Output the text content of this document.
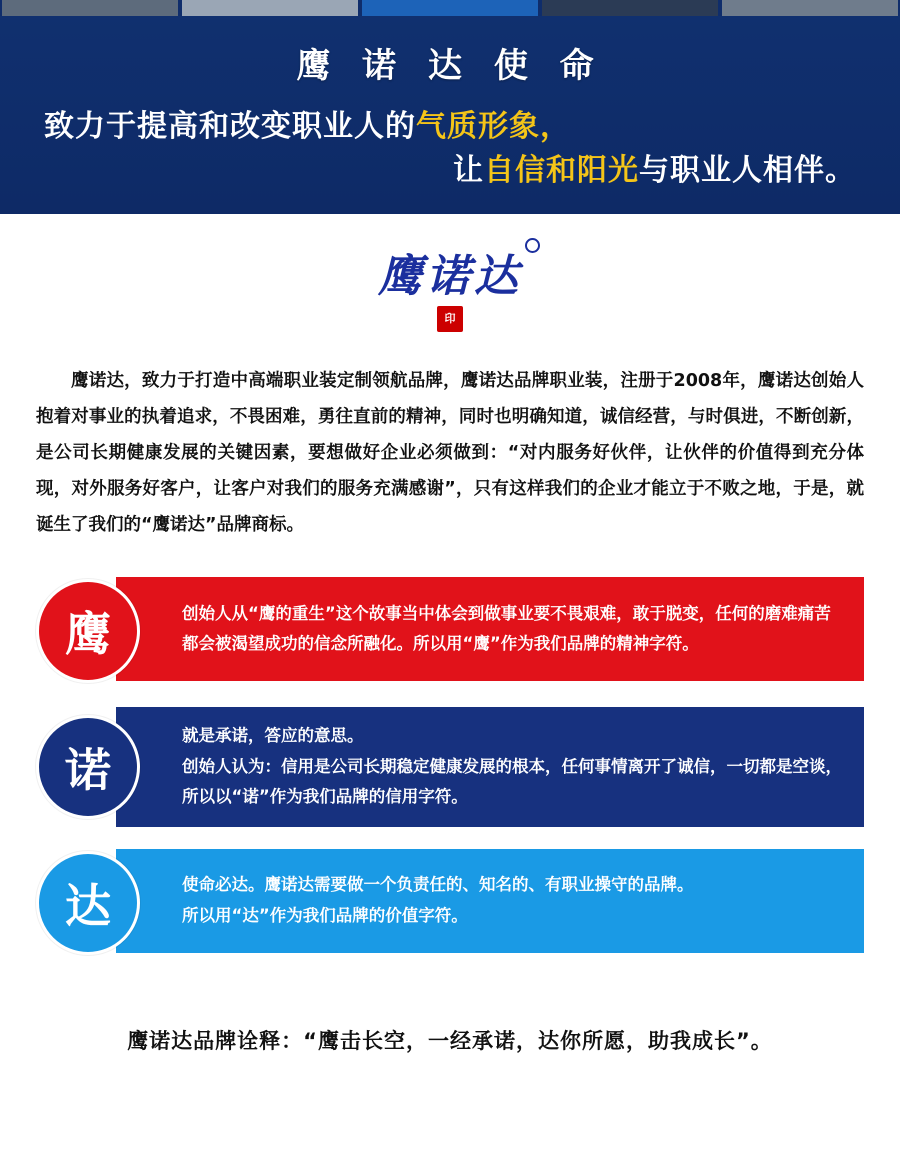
鹰 诺 达 使 命
致力于提高和改变职业人的气质形象，
让自信和阳光与职业人相伴。
鹰诺达
印
鹰诺达，致力于打造中高端职业装定制领航品牌，鹰诺达品牌职业装，注册于2008年，鹰诺达创始人抱着对事业的执着追求，不畏困难，勇往直前的精神，同时也明确知道，诚信经营，与时俱进，不断创新，是公司长期健康发展的关键因素，要想做好企业必须做到：“对内服务好伙伴，让伙伴的价值得到充分体现，对外服务好客户，让客户对我们的服务充满感谢”，只有这样我们的企业才能立于不败之地，于是，就诞生了我们的“鹰诺达”品牌商标。
鹰	创始人从“鹰的重生”这个故事当中体会到做事业要不畏艰难，敢于脱变，任何的磨难痛苦都会被渴望成功的信念所融化。所以用“鹰”作为我们品牌的精神字符。

诺

就是承诺，答应的意思。

创始人认为：信用是公司长期稳定健康发展的根本，任何事情离开了诚信，一切都是空谈，所以以“诺”作为我们品牌的信用字符。

达	使命必达。鹰诺达需要做一个负责任的、知名的、有职业操守的品牌。

所以用“达”作为我们品牌的价值字符。

鹰诺达品牌诠释：“鹰击长空，一经承诺，达你所愿，助我成长”。
